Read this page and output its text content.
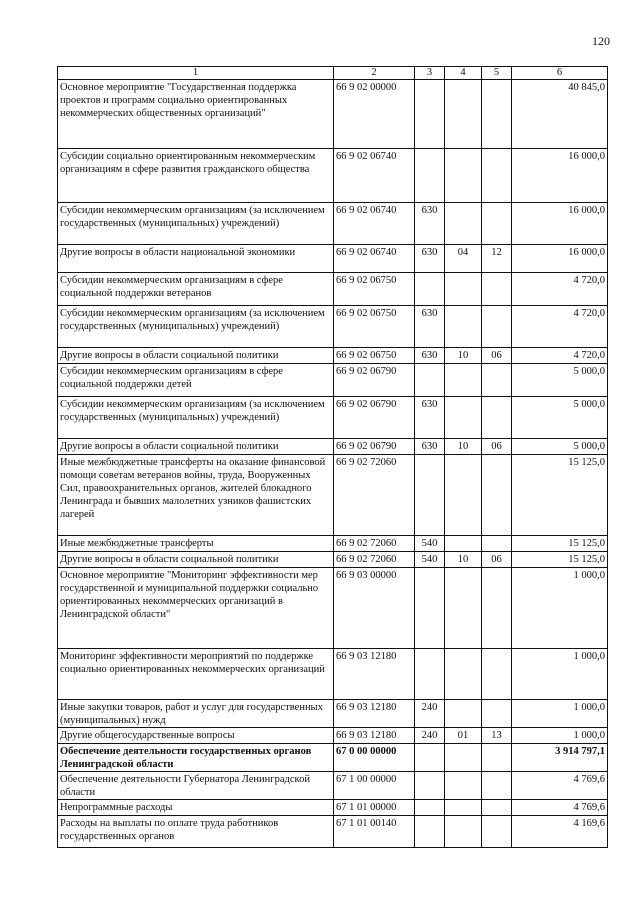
120
1	2	3	4	5	6
Основное мероприятие "Государственная поддержка проектов и программ социально ориентированных некоммерческих общественных организаций"	66 9 02 00000				40 845,0
Субсидии социально ориентированным некоммерческим организациям в сфере развития гражданского общества	66 9 02 06740				16 000,0
Субсидии некоммерческим организациям (за исключением государственных (муниципальных) учреждений)	66 9 02 06740	630			16 000,0
Другие вопросы в области национальной экономики	66 9 02 06740	630	04	12	16 000,0
Субсидии некоммерческим организациям в сфере социальной поддержки ветеранов	66 9 02 06750				4 720,0
Субсидии некоммерческим организациям (за исключением государственных (муниципальных) учреждений)	66 9 02 06750	630			4 720,0
Другие вопросы в области социальной политики	66 9 02 06750	630	10	06	4 720,0
Субсидии некоммерческим организациям в сфере социальной поддержки детей	66 9 02 06790				5 000,0
Субсидии некоммерческим организациям (за исключением государственных (муниципальных) учреждений)	66 9 02 06790	630			5 000,0
Другие вопросы в области социальной политики	66 9 02 06790	630	10	06	5 000,0
Иные межбюджетные трансферты на оказание финансовой помощи советам ветеранов войны, труда, Вооруженных Сил, правоохранительных органов, жителей блокадного Ленинграда и бывших малолетних узников фашистских лагерей	66 9 02 72060				15 125,0
Иные межбюджетные трансферты	66 9 02 72060	540			15 125,0
Другие вопросы в области социальной политики	66 9 02 72060	540	10	06	15 125,0
Основное мероприятие "Мониторинг эффективности мер государственной и муниципальной поддержки социально ориентированных некоммерческих организаций в Ленинградской области"	66 9 03 00000				1 000,0
Мониторинг эффективности мероприятий по поддержке социально ориентированных некоммерческих организаций	66 9 03 12180				1 000,0
Иные закупки товаров, работ и услуг для государственных (муниципальных) нужд	66 9 03 12180	240			1 000,0
Другие общегосударственные вопросы	66 9 03 12180	240	01	13	1 000,0
Обеспечение деятельности государственных органов Ленинградской области	67 0 00 00000				3 914 797,1
Обеспечение деятельности Губернатора Ленинградской области	67 1 00 00000				4 769,6
Непрограммные расходы	67 1 01 00000				4 769,6
Расходы на выплаты по оплате труда работников государственных органов	67 1 01 00140				4 169,6
